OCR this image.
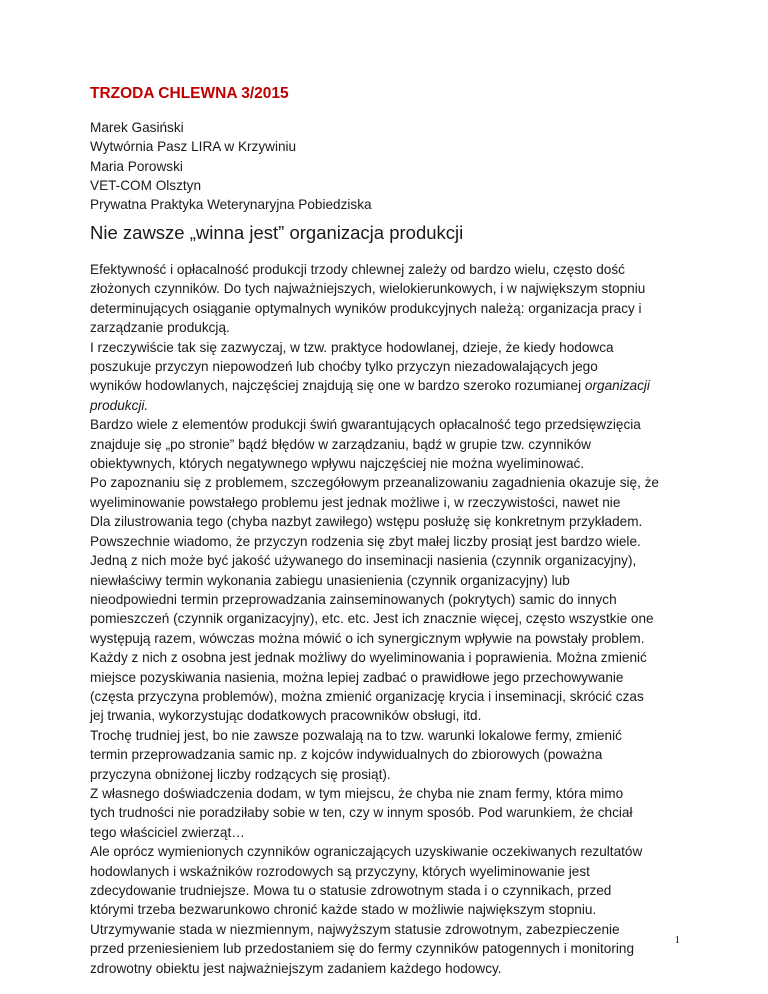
TRZODA CHLEWNA 3/2015

Marek Gasiński
Wytwórnia Pasz LIRA w Krzywiniu
Maria Porowski
VET-COM Olsztyn
Prywatna Praktyka Weterynaryjna Pobiedziska
Nie zawsze „winna jest” organizacja produkcji
Efektywność i opłacalność produkcji trzody chlewnej zależy od bardzo wielu, często dość
złożonych czynników. Do tych najważniejszych, wielokierunkowych, i w największym stopniu
determinujących osiąganie optymalnych wyników produkcyjnych należą: organizacja pracy i
zarządzanie produkcją.
I rzeczywiście tak się zazwyczaj, w tzw. praktyce hodowlanej, dzieje, że kiedy hodowca
poszukuje przyczyn niepowodzeń lub choćby tylko przyczyn niezadowalających jego
wyników hodowlanych, najczęściej znajdują się one w bardzo szeroko rozumianej organizacji
produkcji.
Bardzo wiele z elementów produkcji świń gwarantujących opłacalność tego przedsięwzięcia
znajduje się „po stronie” bądź błędów w zarządzaniu, bądź w grupie tzw. czynników
obiektywnych, których negatywnego wpływu najczęściej nie można wyeliminować.
Po zapoznaniu się z problemem, szczegółowym przeanalizowaniu zagadnienia okazuje się, że
wyeliminowanie powstałego problemu jest jednak możliwe i, w rzeczywistości, nawet nie
Dla zilustrowania tego (chyba nazbyt zawiłego) wstępu posłużę się konkretnym przykładem.
Powszechnie wiadomo, że przyczyn rodzenia się zbyt małej liczby prosiąt jest bardzo wiele.
Jedną z nich może być jakość używanego do inseminacji nasienia (czynnik organizacyjny),
niewłaściwy termin wykonania zabiegu unasienienia (czynnik organizacyjny) lub
nieodpowiedni termin przeprowadzania zainseminowanych (pokrytych) samic do innych
pomieszczeń (czynnik organizacyjny), etc. etc. Jest ich znacznie więcej, często wszystkie one
występują razem, wówczas można mówić o ich synergicznym wpływie na powstały problem.
Każdy z nich z osobna jest jednak możliwy do wyeliminowania i poprawienia. Można zmienić
miejsce pozyskiwania nasienia, można lepiej zadbać o prawidłowe jego przechowywanie
(częsta przyczyna problemów), można zmienić organizację krycia i inseminacji, skrócić czas
jej trwania, wykorzystując dodatkowych pracowników obsługi, itd.
Trochę trudniej jest, bo nie zawsze pozwalają na to tzw. warunki lokalowe fermy, zmienić
termin przeprowadzania samic np. z kojców indywidualnych do zbiorowych (poważna
przyczyna obniżonej liczby rodzących się prosiąt).
Z własnego doświadczenia dodam, w tym miejscu, że chyba nie znam fermy, która mimo
tych trudności nie poradziłaby sobie w ten, czy w innym sposób. Pod warunkiem, że chciał
tego właściciel zwierząt…
Ale oprócz wymienionych czynników ograniczających uzyskiwanie oczekiwanych rezultatów
hodowlanych i wskaźników rozrodowych są przyczyny, których wyeliminowanie jest
zdecydowanie trudniejsze. Mowa tu o statusie zdrowotnym stada i o czynnikach, przed
którymi trzeba bezwarunkowo chronić każde stado w możliwie największym stopniu.
Utrzymywanie stada w niezmiennym, najwyższym statusie zdrowotnym, zabezpieczenie
przed przeniesieniem lub przedostaniem się do fermy czynników patogennych i monitoring
zdrowotny obiektu jest najważniejszym zadaniem każdego hodowcy.
1
